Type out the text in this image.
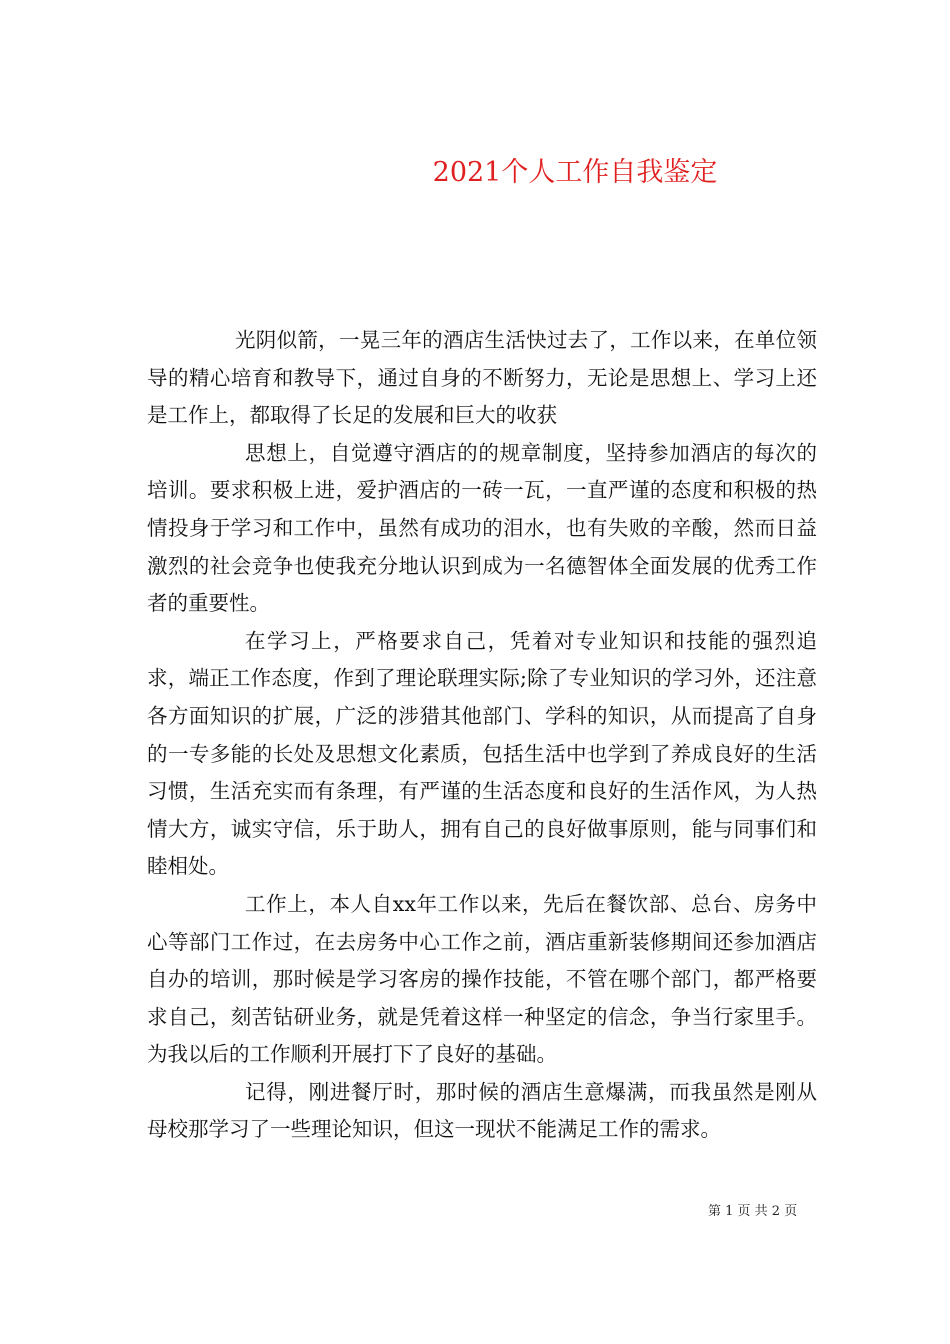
2021个人工作自我鉴定

光阴似箭，一晃三年的酒店生活快过去了，工作以来，在单位领导的精心培育和教导下，通过自身的不断努力，无论是思想上、学习上还是工作上，都取得了长足的发展和巨大的收获

思想上，自觉遵守酒店的的规章制度，坚持参加酒店的每次的培训。要求积极上进，爱护酒店的一砖一瓦，一直严谨的态度和积极的热情投身于学习和工作中，虽然有成功的泪水，也有失败的辛酸，然而日益激烈的社会竞争也使我充分地认识到成为一名德智体全面发展的优秀工作者的重要性。

在学习上，严格要求自己，凭着对专业知识和技能的强烈追求，端正工作态度，作到了理论联理实际;除了专业知识的学习外，还注意各方面知识的扩展，广泛的涉猎其他部门、学科的知识，从而提高了自身的一专多能的长处及思想文化素质，包括生活中也学到了养成良好的生活习惯，生活充实而有条理，有严谨的生活态度和良好的生活作风，为人热情大方，诚实守信，乐于助人，拥有自己的良好做事原则，能与同事们和睦相处。

工作上，本人自xx年工作以来，先后在餐饮部、总台、房务中心等部门工作过，在去房务中心工作之前，酒店重新装修期间还参加酒店自办的培训，那时候是学习客房的操作技能，不管在哪个部门，都严格要求自己，刻苦钻研业务，就是凭着这样一种坚定的信念，争当行家里手。为我以后的工作顺利开展打下了良好的基础。

记得，刚进餐厅时，那时候的酒店生意爆满，而我虽然是刚从母校那学习了一些理论知识，但这一现状不能满足工作的需求。

第 1 页 共 2 页
